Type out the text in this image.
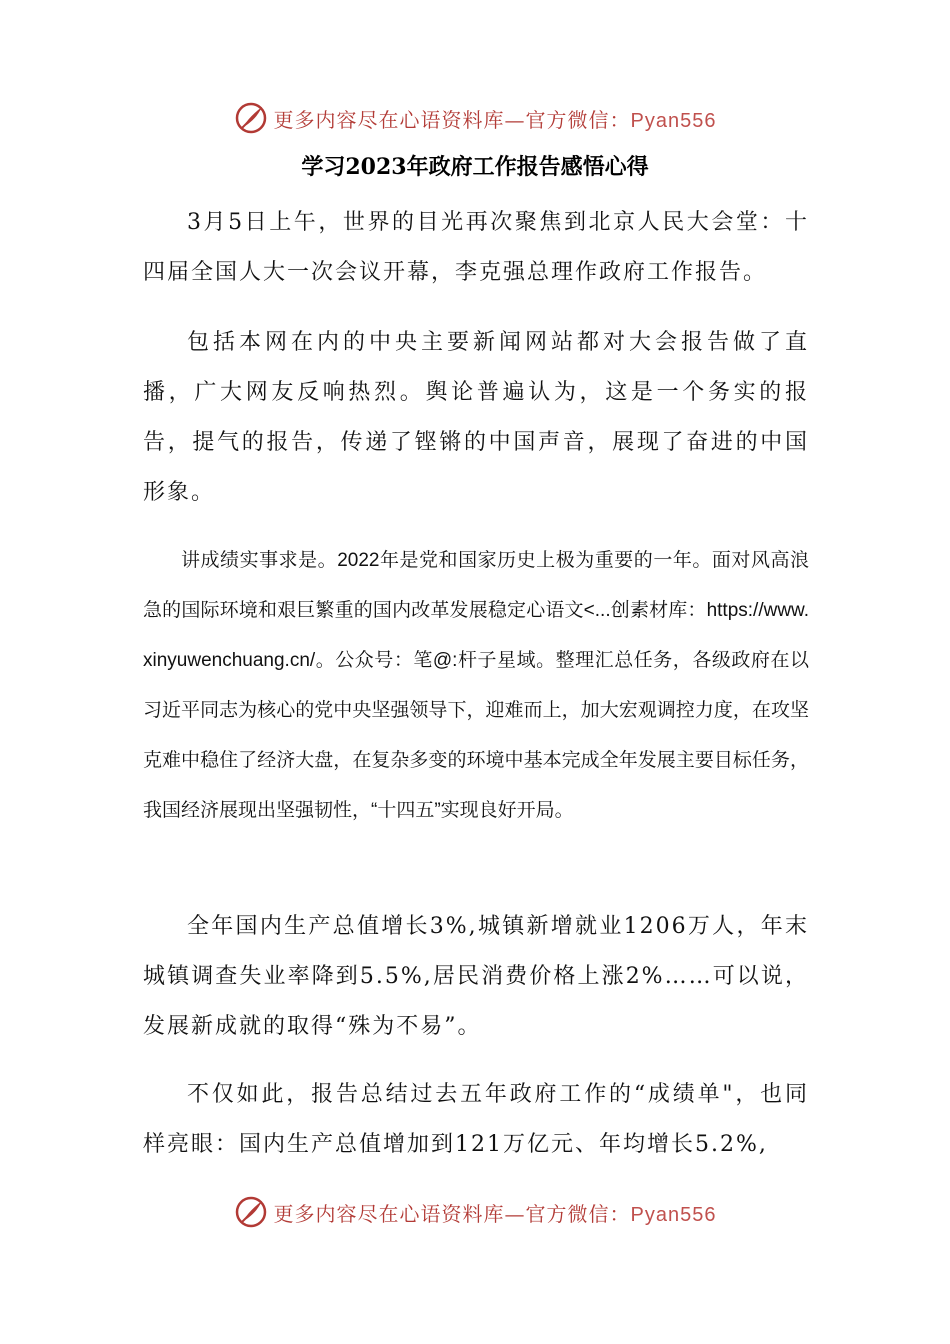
更多内容尽在心语资料库—官方微信：Pyan556
学习2023年政府工作报告感悟心得

3月5日上午，世界的目光再次聚焦到北京人民大会堂：十四届全国人大一次会议开幕，李克强总理作政府工作报告。

包括本网在内的中央主要新闻网站都对大会报告做了直播，广大网友反响热烈。舆论普遍认为，这是一个务实的报告，提气的报告，传递了铿锵的中国声音，展现了奋进的中国形象。

讲成绩实事求是。2022年是党和国家历史上极为重要的一年。面对风高浪急的国际环境和艰巨繁重的国内改革发展稳定心语文<...创素材库：https://www.xinyuwenchuang.cn/。公众号：笔@:杆子星域。整理汇总任务，各级政府在以习近平同志为核心的党中央坚强领导下，迎难而上，加大宏观调控力度，在攻坚克难中稳住了经济大盘，在复杂多变的环境中基本完成全年发展主要目标任务，我国经济展现出坚强韧性，“十四五”实现良好开局。

全年国内生产总值增长3%,城镇新增就业1206万人，年末城镇调查失业率降到5.5%,居民消费价格上涨2%……可以说，发展新成就的取得“殊为不易”。

不仅如此，报告总结过去五年政府工作的“成绩单"，也同样亮眼：国内生产总值增加到121万亿元、年均增长5.2%,

更多内容尽在心语资料库—官方微信：Pyan556
